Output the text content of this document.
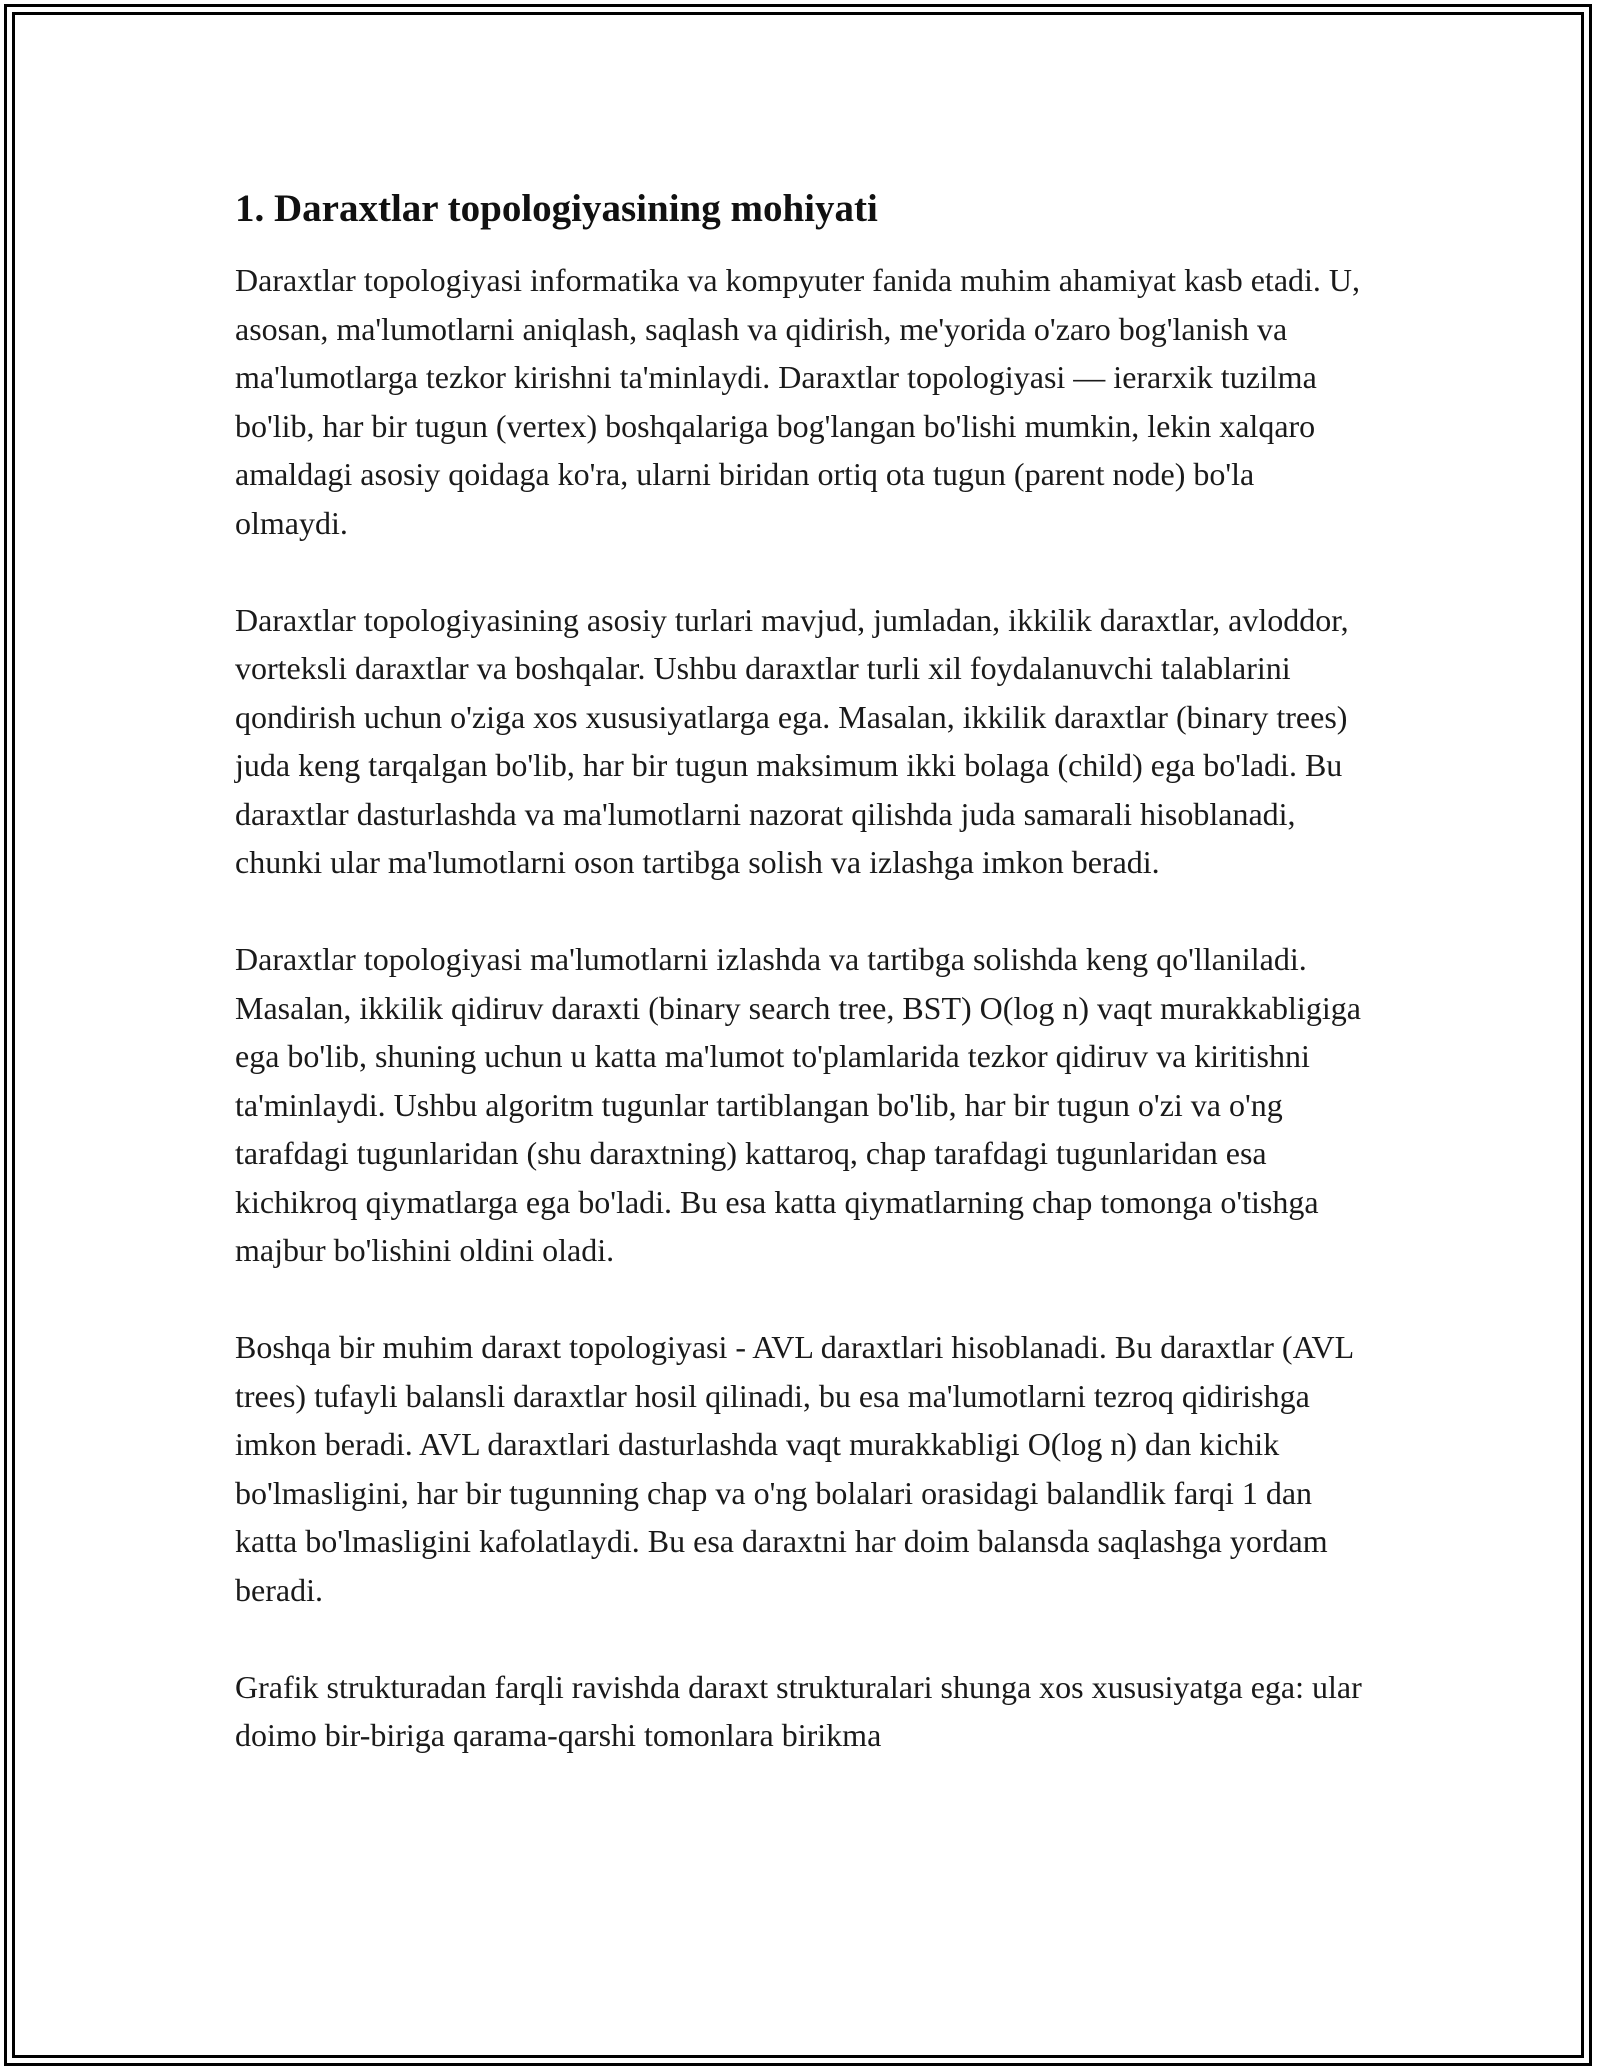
1. Daraxtlar topologiyasining mohiyati

Daraxtlar topologiyasi informatika va kompyuter fanida muhim ahamiyat kasb etadi. U, asosan, ma'lumotlarni aniqlash, saqlash va qidirish, me'yorida o'zaro bog'lanish va ma'lumotlarga tezkor kirishni ta'minlaydi. Daraxtlar topologiyasi — ierarxik tuzilma bo'lib, har bir tugun (vertex) boshqalariga bog'langan bo'lishi mumkin, lekin xalqaro amaldagi asosiy qoidaga ko'ra, ularni biridan ortiq ota tugun (parent node) bo'la olmaydi.

Daraxtlar topologiyasining asosiy turlari mavjud, jumladan, ikkilik daraxtlar, avloddor, vorteksli daraxtlar va boshqalar. Ushbu daraxtlar turli xil foydalanuvchi talablarini qondirish uchun o'ziga xos xususiyatlarga ega. Masalan, ikkilik daraxtlar (binary trees) juda keng tarqalgan bo'lib, har bir tugun maksimum ikki bolaga (child) ega bo'ladi. Bu daraxtlar dasturlashda va ma'lumotlarni nazorat qilishda juda samarali hisoblanadi, chunki ular ma'lumotlarni oson tartibga solish va izlashga imkon beradi.

Daraxtlar topologiyasi ma'lumotlarni izlashda va tartibga solishda keng qo'llaniladi. Masalan, ikkilik qidiruv daraxti (binary search tree, BST) O(log n) vaqt murakkabligiga ega bo'lib, shuning uchun u katta ma'lumot to'plamlarida tezkor qidiruv va kiritishni ta'minlaydi. Ushbu algoritm tugunlar tartiblangan bo'lib, har bir tugun o'zi va o'ng tarafdagi tugunlaridan (shu daraxtning) kattaroq, chap tarafdagi tugunlaridan esa kichikroq qiymatlarga ega bo'ladi. Bu esa katta qiymatlarning chap tomonga o'tishga majbur bo'lishini oldini oladi.

Boshqa bir muhim daraxt topologiyasi - AVL daraxtlari hisoblanadi. Bu daraxtlar (AVL trees) tufayli balansli daraxtlar hosil qilinadi, bu esa ma'lumotlarni tezroq qidirishga imkon beradi. AVL daraxtlari dasturlashda vaqt murakkabligi O(log n) dan kichik bo'lmasligini, har bir tugunning chap va o'ng bolalari orasidagi balandlik farqi 1 dan katta bo'lmasligini kafolatlaydi. Bu esa daraxtni har doim balansda saqlashga yordam beradi.

Grafik strukturadan farqli ravishda daraxt strukturalari shunga xos xususiyatga ega: ular doimo bir-biriga qarama-qarshi tomonlara birikma
